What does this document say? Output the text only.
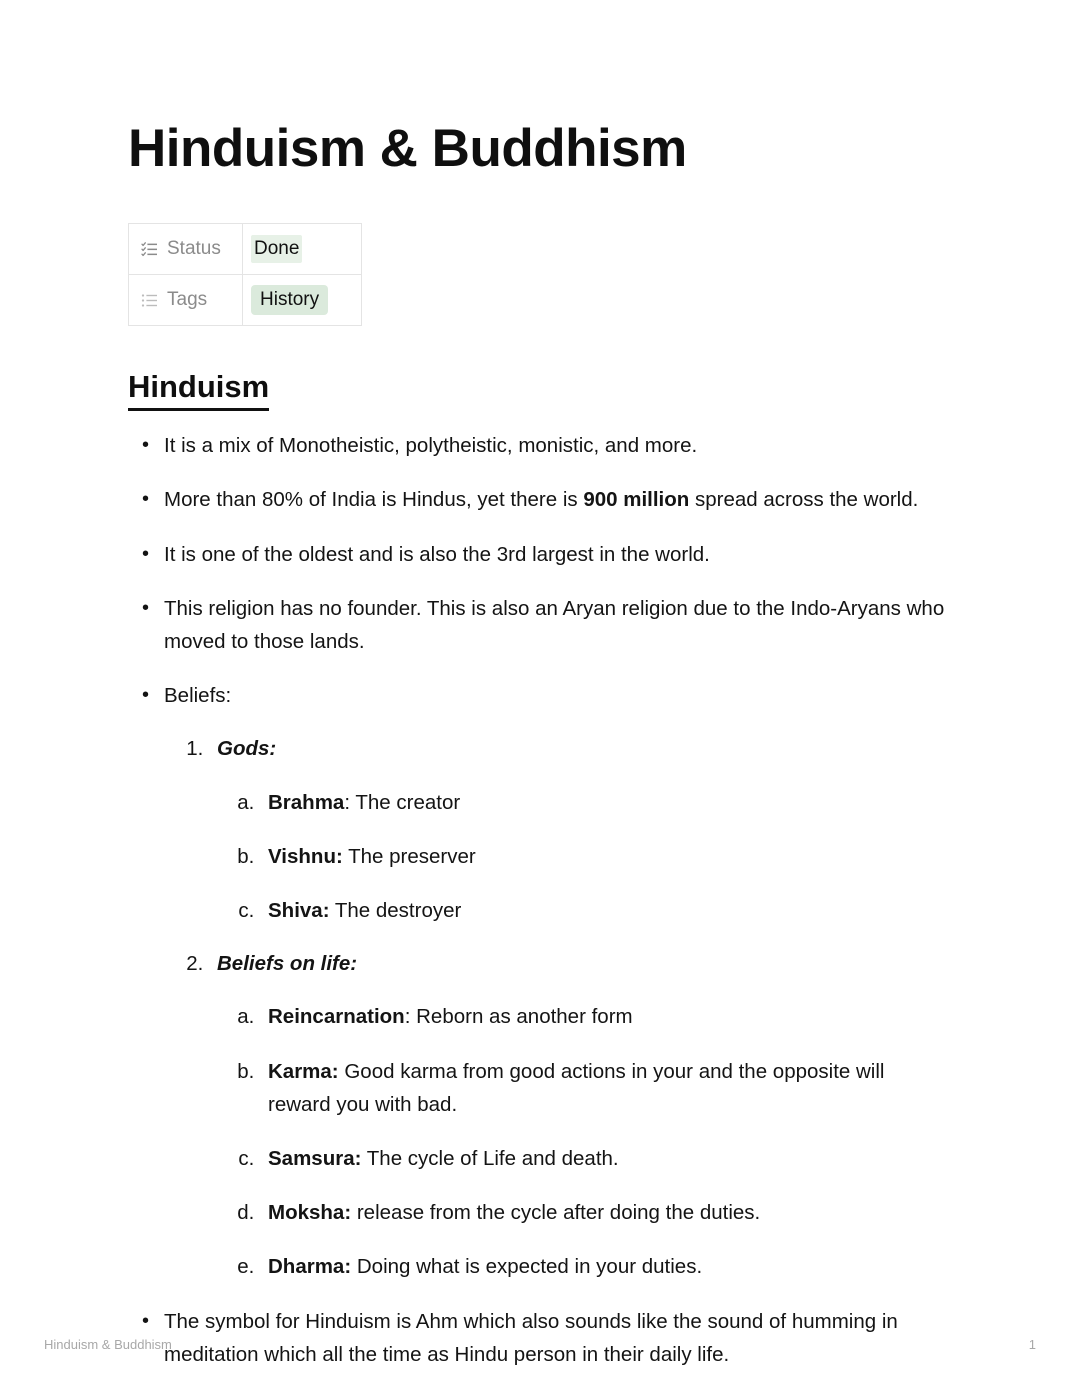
Hinduism & Buddhism
Status	Done

Tags	History
Hinduism
• It is a mix of Monotheistic, polytheistic, monistic, and more.
• More than 80% of India is Hindus, yet there is 900 million spread across the world.
• It is one of the oldest and is also the 3rd largest in the world.
• This religion has no founder. This is also an Aryan religion due to the Indo-Aryans who moved to those lands.
• Beliefs:
1. Gods:
a. Brahma: The creator
b. Vishnu: The preserver
c. Shiva: The destroyer
2. Beliefs on life:
a. Reincarnation: Reborn as another form
b. Karma: Good karma from good actions in your and the opposite will reward you with bad.
c. Samsura: The cycle of Life and death.
d. Moksha: release from the cycle after doing the duties.
e. Dharma: Doing what is expected in your duties.
• The symbol for Hinduism is Ahm which also sounds like the sound of humming in meditation which all the time as Hindu person in their daily life.
Hinduism & Buddhism	1
